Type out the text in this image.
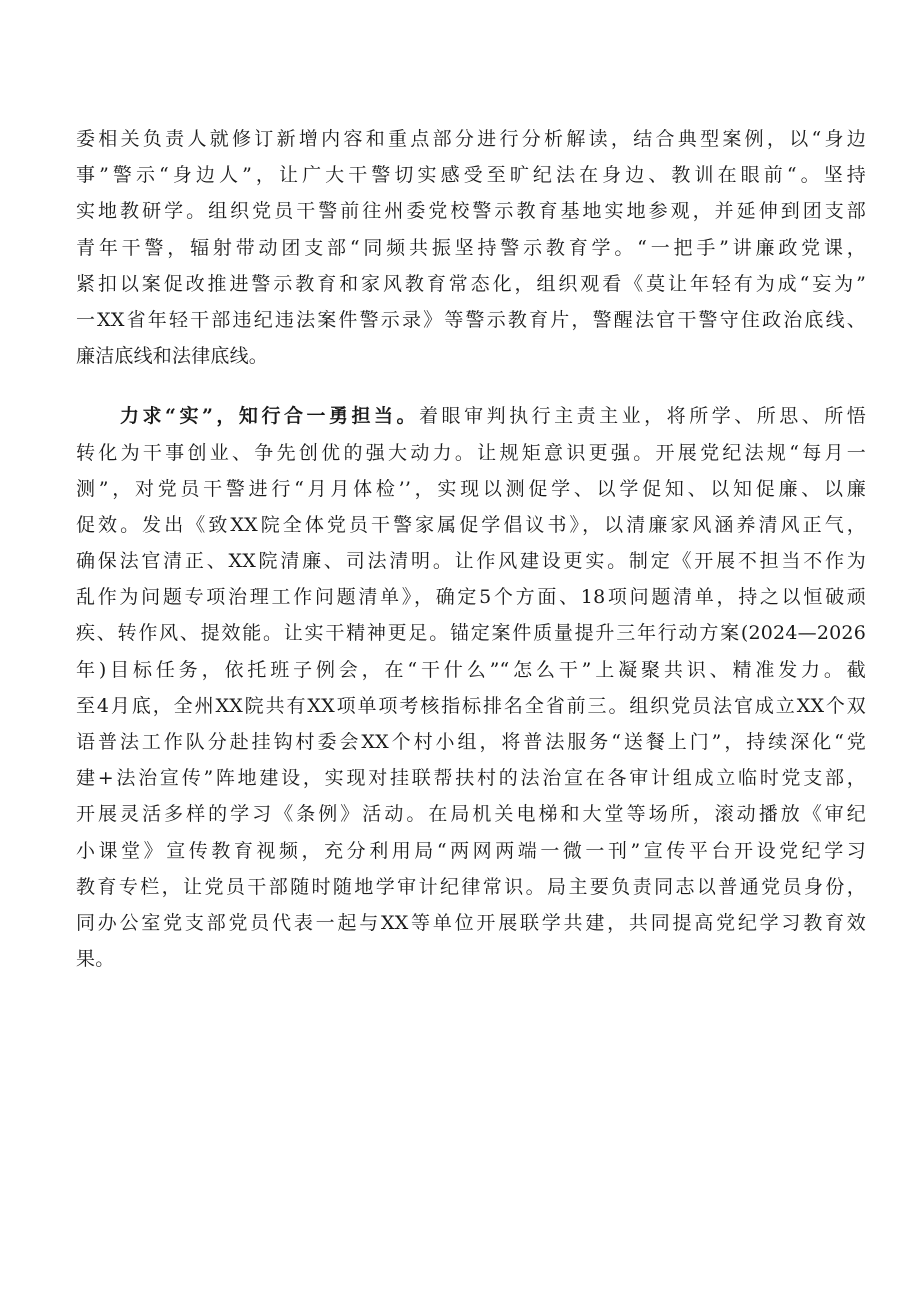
委相关负责人就修订新增内容和重点部分进行分析解读，结合典型案例，以“身边
事”警示“身边人”，让广大干警切实感受至旷纪法在身边、教训在眼前“。坚持
实地教研学。组织党员干警前往州委党校警示教育基地实地参观，并延伸到团支部
青年干警，辐射带动团支部“同频共振坚持警示教育学。“一把手”讲廉政党课，
紧扣以案促改推进警示教育和家风教育常态化，组织观看《莫让年轻有为成“妄为”
一XX省年轻干部违纪违法案件警示录》等警示教育片，警醒法官干警守住政治底线、
廉洁底线和法律底线。
力求“实”，知行合一勇担当。着眼审判执行主责主业，将所学、所思、所悟
转化为干事创业、争先创优的强大动力。让规矩意识更强。开展党纪法规“每月一
测”，对党员干警进行“月月体检’’，实现以测促学、以学促知、以知促廉、以廉
促效。发出《致XX院全体党员干警家属促学倡议书》，以清廉家风涵养清风正气，
确保法官清正、XX院清廉、司法清明。让作风建设更实。制定《开展不担当不作为
乱作为问题专项治理工作问题清单》，确定5个方面、18项问题清单，持之以恒破顽
疾、转作风、提效能。让实干精神更足。锚定案件质量提升三年行动方案(2024—2026
年)目标任务，依托班子例会，在“干什么”“怎么干”上凝聚共识、精准发力。截
至4月底，全州XX院共有XX项单项考核指标排名全省前三。组织党员法官成立XX个双
语普法工作队分赴挂钩村委会XX个村小组，将普法服务“送餐上门”，持续深化“党
建+法治宣传”阵地建设，实现对挂联帮扶村的法治宣在各审计组成立临时党支部，
开展灵活多样的学习《条例》活动。在局机关电梯和大堂等场所，滚动播放《审纪
小课堂》宣传教育视频，充分利用局“两网两端一微一刊”宣传平台开设党纪学习
教育专栏，让党员干部随时随地学审计纪律常识。局主要负责同志以普通党员身份，
同办公室党支部党员代表一起与XX等单位开展联学共建，共同提高党纪学习教育效
果。
